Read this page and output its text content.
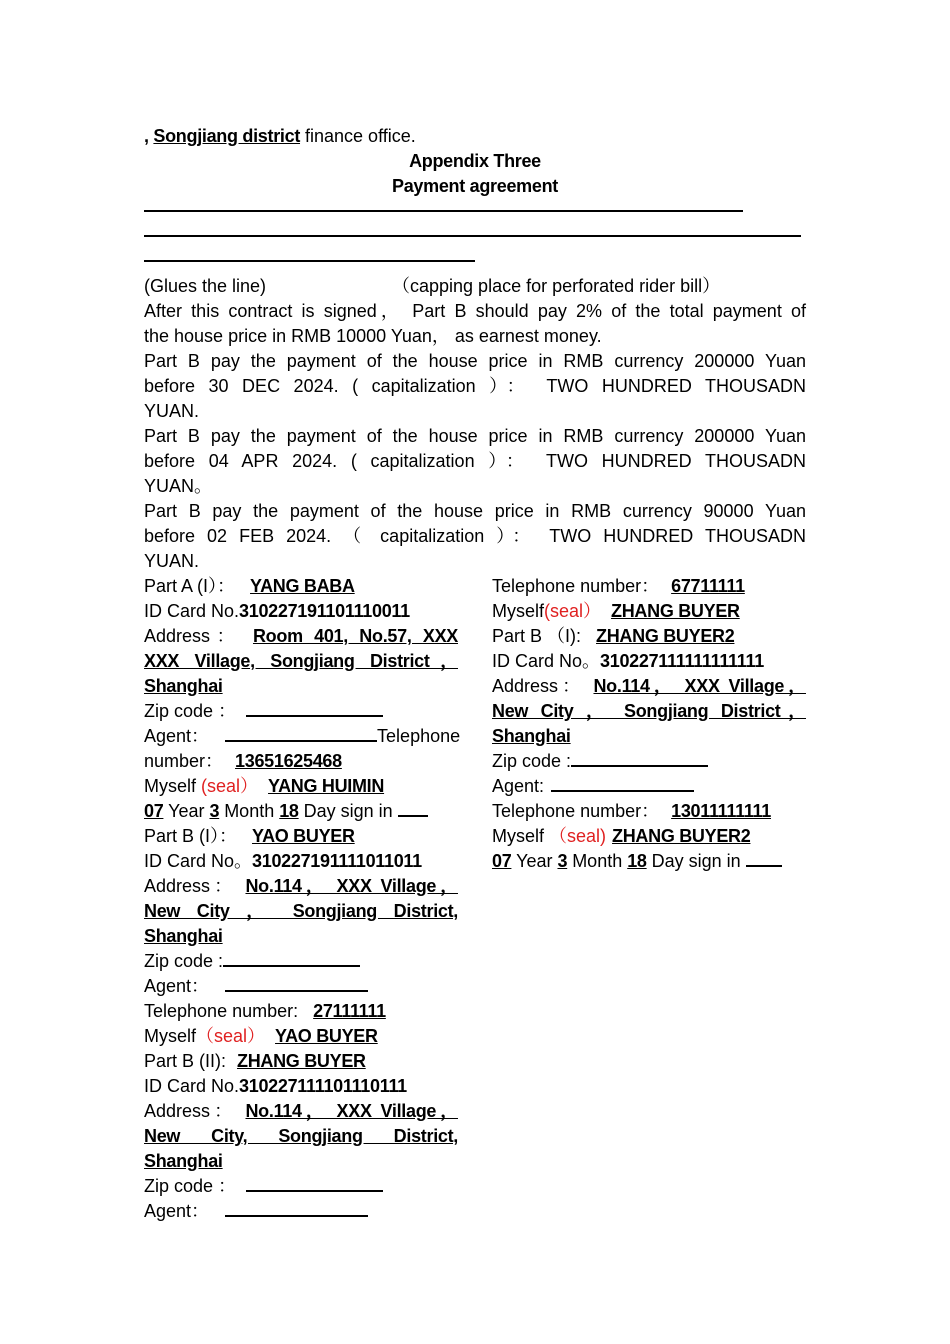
, Songjiang district finance office.
Appendix Three
Payment agreement
(Glues the line)	（capping place for perforated rider bill）
After this contract is signed， Part B should pay 2% of the total payment of
the house price in RMB 10000 Yuan， as earnest money.
Part B pay the payment of the house price in RMB currency 200000 Yuan
before 30 DEC 2024. ( capitalization ）： TWO HUNDRED THOUSADN
YUAN.
Part B pay the payment of the house price in RMB currency 200000 Yuan
before 04 APR 2024. ( capitalization ）： TWO HUNDRED THOUSADN
YUAN。
Part B pay the payment of the house price in RMB currency 90000 Yuan
before 02 FEB 2024. （ capitalization ）： TWO HUNDRED THOUSADN
YUAN.
Part A (I）： YANG BABA
ID Card No.310227191101110011
Address： Room 401, No.57, XXX
XXX Village, Songjiang District，
Shanghai
Zip code ：
Agent：	Telephone
number： 13651625468
Myself (seal） YANG HUIMIN
07 Year 3 Month 18 Day sign in
Part B (I）： YAO BUYER
ID Card No。310227191111011011
Address： No.114， XXX Village，
New City ， Songjiang District,
Shanghai
Zip code :
Agent：
Telephone number: 27111111
Myself（seal） YAO BUYER
Part B (II): ZHANG BUYER
ID Card No.310227111101110111
Address： No.114， XXX Village，
New City, Songjiang District,
Shanghai
Zip code ：
Agent：
Telephone number： 67711111
Myself(seal） ZHANG BUYER
Part B （I): ZHANG BUYER2
ID Card No。310227111111111111
Address： No.114， XXX Village，
New City ， Songjiang District，
Shanghai
Zip code :
Agent:
Telephone number： 13011111111
Myself （seal) ZHANG BUYER2
07 Year 3 Month 18 Day sign in
